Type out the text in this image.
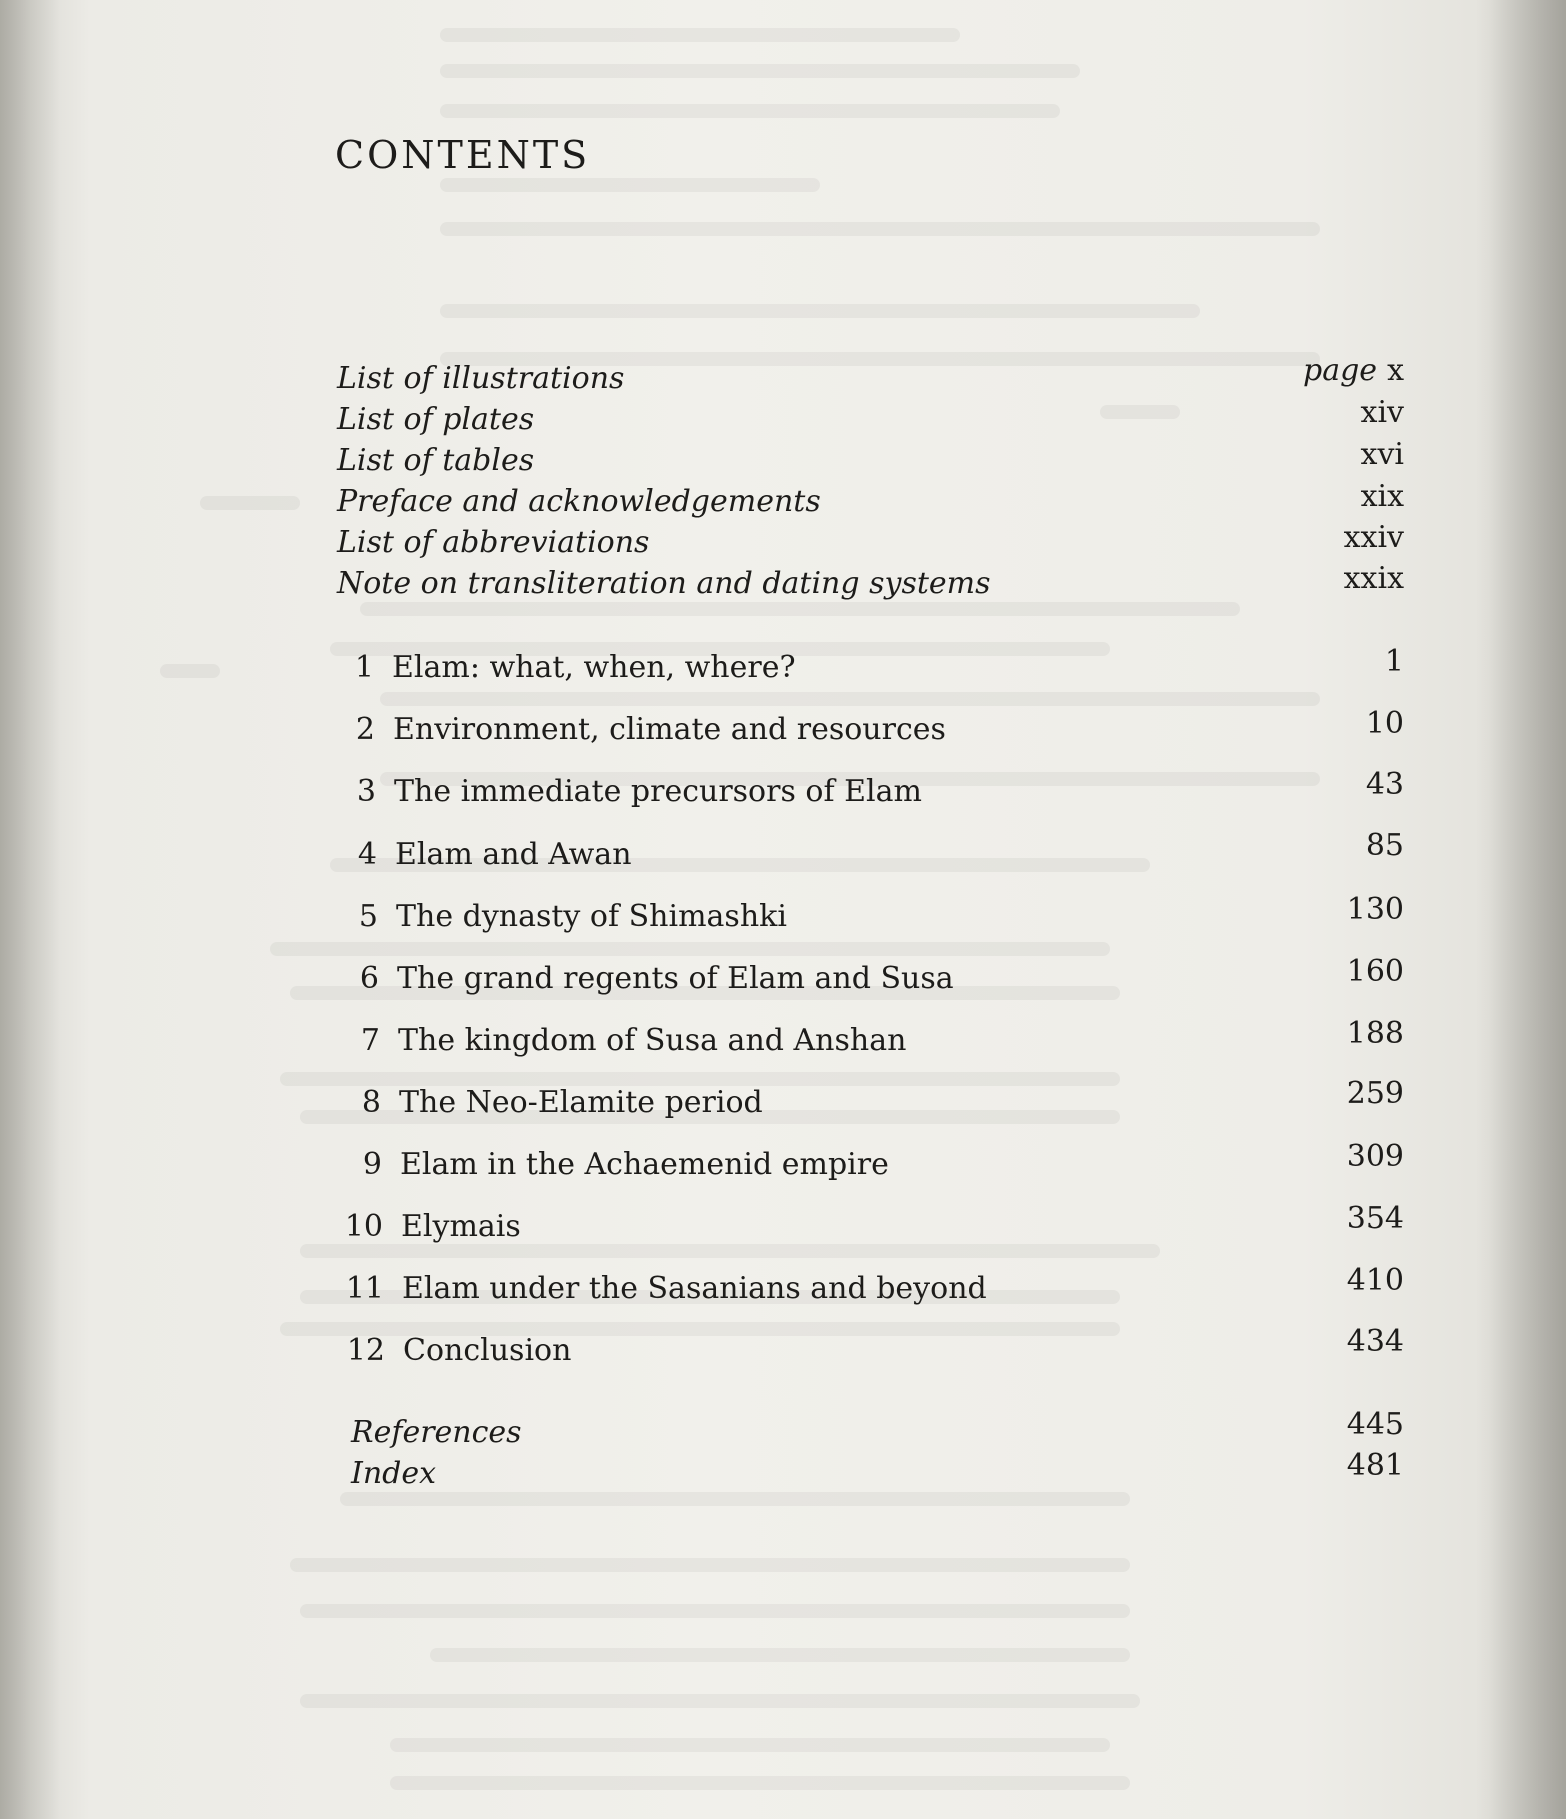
CONTENTS
List of illustrations	page x
List of plates	xiv
List of tables	xvi
Preface and acknowledgements	xix
List of abbreviations	xxiv
Note on transliteration and dating systems	xxix
1 Elam: what, when, where?	1
2 Environment, climate and resources	10
3 The immediate precursors of Elam	43
4 Elam and Awan	85
5 The dynasty of Shimashki	130
6 The grand regents of Elam and Susa	160
7 The kingdom of Susa and Anshan	188
8 The Neo-Elamite period	259
9 Elam in the Achaemenid empire	309
10 Elymais	354
11 Elam under the Sasanians and beyond	410
12 Conclusion	434
References	445
Index	481
